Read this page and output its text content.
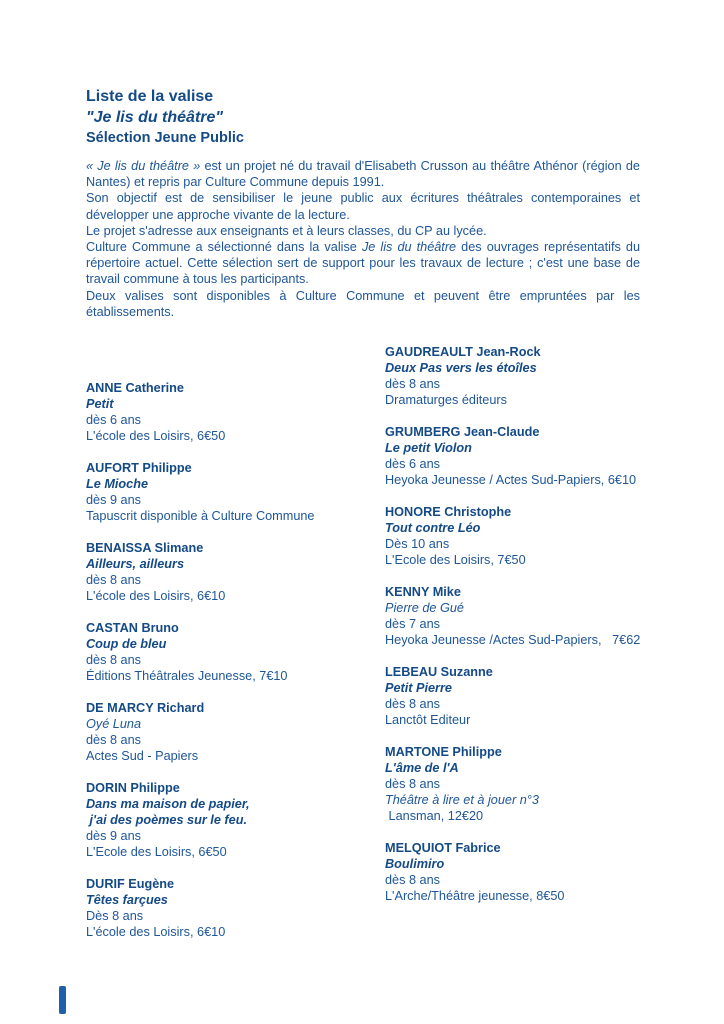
Liste de la valise
"Je lis du théâtre"
Sélection Jeune Public

« Je lis du théâtre » est un projet né du travail d'Elisabeth Crusson au théâtre Athénor (région de Nantes) et repris par Culture Commune depuis 1991.

Son objectif est de sensibiliser le jeune public aux écritures théâtrales contemporaines et développer une approche vivante de la lecture.

Le projet s'adresse aux enseignants et à leurs classes, du CP au lycée.

Culture Commune a sélectionné dans la valise Je lis du théâtre des ouvrages représentatifs du répertoire actuel. Cette sélection sert de support pour les travaux de lecture ; c'est une base de travail commune à tous les participants.

Deux valises sont disponibles à Culture Commune et peuvent être empruntées par les établissements.

ANNE Catherine
Petit
dès 6 ans
L'école des Loisirs, 6€50
AUFORT Philippe
Le Mioche
dès 9 ans
Tapuscrit disponible à Culture Commune
BENAISSA Slimane
Ailleurs, ailleurs
dès 8 ans
L'école des Loisirs, 6€10
CASTAN Bruno
Coup de bleu
dès 8 ans
Éditions Théâtrales Jeunesse, 7€10
DE MARCY Richard
Oyé Luna
dès 8 ans
Actes Sud - Papiers
DORIN Philippe
Dans ma maison de papier,
j'ai des poèmes sur le feu.
dès 9 ans
L'Ecole des Loisirs, 6€50
DURIF Eugène
Têtes farçues
Dès 8 ans
L'école des Loisirs, 6€10
GAUDREAULT Jean-Rock
Deux Pas vers les étoîles
dès 8 ans
Dramaturges éditeurs
GRUMBERG Jean-Claude
Le petit Violon
dès 6 ans
Heyoka Jeunesse / Actes Sud-Papiers, 6€10
HONORE Christophe
Tout contre Léo
Dès 10 ans
L'Ecole des Loisirs, 7€50
KENNY Mike
Pierre de Gué
dès 7 ans
Heyoka Jeunesse /Actes Sud-Papiers,   7€62
LEBEAU Suzanne
Petit Pierre
dès 8 ans
Lanctôt Editeur
MARTONE Philippe
L'âme de l'A
dès 8 ans
Théâtre à lire et à jouer n°3
Lansman, 12€20
MELQUIOT Fabrice
Boulimiro
dès 8 ans
L'Arche/Théâtre jeunesse, 8€50
